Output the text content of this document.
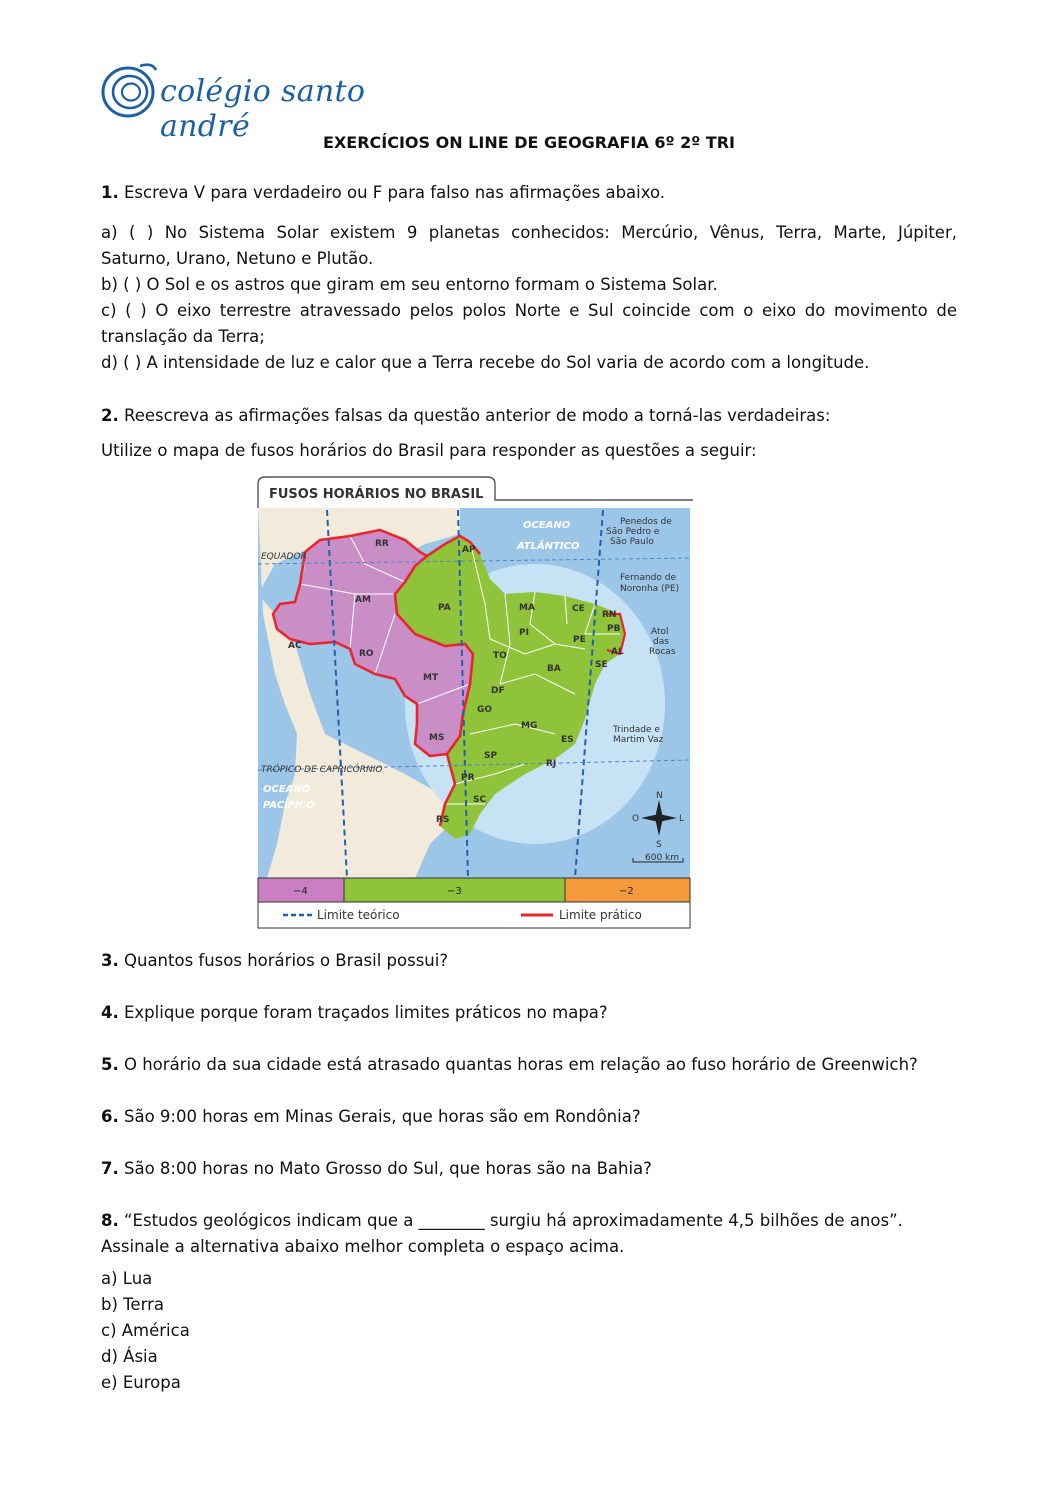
colégio santo andré	EXERCÍCIOS ON LINE DE GEOGRAFIA 6º 2º TRI
1. Escreva V para verdadeiro ou F para falso nas afirmações abaixo.
a) ( ) No Sistema Solar existem 9 planetas conhecidos: Mercúrio, Vênus, Terra, Marte, Júpiter,
Saturno, Urano, Netuno e Plutão.
b) ( ) O Sol e os astros que giram em seu entorno formam o Sistema Solar.
c) ( ) O eixo terrestre atravessado pelos polos Norte e Sul coincide com o eixo do movimento de
translação da Terra;
d) ( ) A intensidade de luz e calor que a Terra recebe do Sol varia de acordo com a longitude.
2. Reescreva as afirmações falsas da questão anterior de modo a torná-las verdadeiras:
Utilize o mapa de fusos horários do Brasil para responder as questões a seguir:
FUSOS HORÁRIOS NO BRASIL
EQUADOR
TRÓPICO DE CAPRICÓRNIO
OCEANO
ATLÂNTICO
OCEANO
PACÍFICO
Penedos de
São Pedro e
São Paulo
Fernando de
Noronha (PE)
Atol
das
Rocas
Trindade e
Martim Vaz
RR
AP
AM
PA	MA	CE
RN
PB
PE
AL
SE
PI
AC
RO	TO
BA
MT
DF
GO
MG
ES
MS
SP
RJ
PR
SC
RS
N
S
L
O
600 km
−4	−3	−2
Limite teórico	Limite prático
3. Quantos fusos horários o Brasil possui?
4. Explique porque foram traçados limites práticos no mapa?
5. O horário da sua cidade está atrasado quantas horas em relação ao fuso horário de Greenwich?
6. São 9:00 horas em Minas Gerais, que horas são em Rondônia?
7. São 8:00 horas no Mato Grosso do Sul, que horas são na Bahia?
8. “Estudos geológicos indicam que a ________ surgiu há aproximadamente 4,5 bilhões de anos”.
Assinale a alternativa abaixo melhor completa o espaço acima.
a) Lua
b) Terra
c) América
d) Ásia
e) Europa
